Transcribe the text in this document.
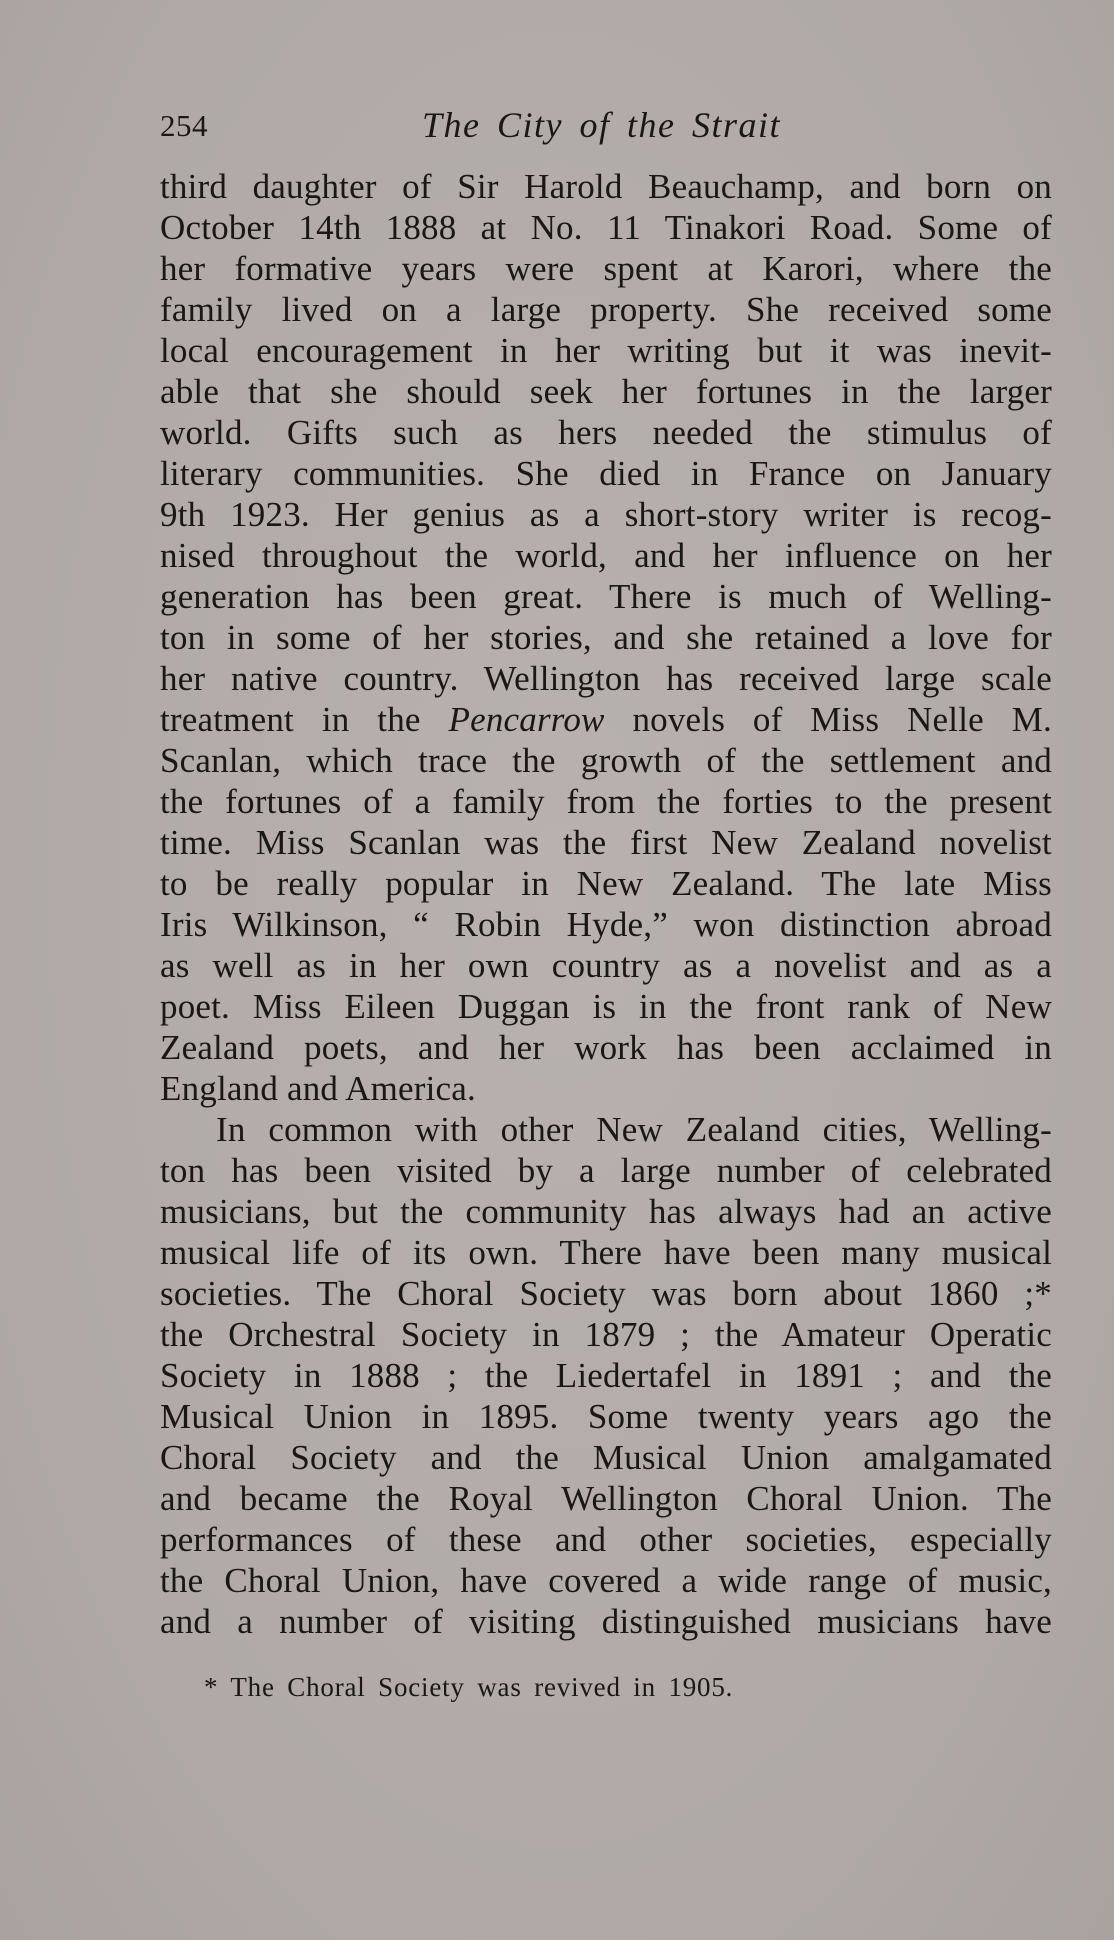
254	The City of the Strait
third daughter of Sir Harold Beauchamp, and born on
October 14th 1888 at No. 11 Tinakori Road. Some of
her formative years were spent at Karori, where the
family lived on a large property. She received some
local encouragement in her writing but it was inevit-
able that she should seek her fortunes in the larger
world. Gifts such as hers needed the stimulus of
literary communities. She died in France on January
9th 1923. Her genius as a short-story writer is recog-
nised throughout the world, and her influence on her
generation has been great. There is much of Welling-
ton in some of her stories, and she retained a love for
her native country. Wellington has received large scale
treatment in the Pencarrow novels of Miss Nelle M.
Scanlan, which trace the growth of the settlement and
the fortunes of a family from the forties to the present
time. Miss Scanlan was the first New Zealand novelist
to be really popular in New Zealand. The late Miss
Iris Wilkinson, “ Robin Hyde,” won distinction abroad
as well as in her own country as a novelist and as a
poet. Miss Eileen Duggan is in the front rank of New
Zealand poets, and her work has been acclaimed in
England and America.
In common with other New Zealand cities, Welling-
ton has been visited by a large number of celebrated
musicians, but the community has always had an active
musical life of its own. There have been many musical
societies. The Choral Society was born about 1860 ;*
the Orchestral Society in 1879 ; the Amateur Operatic
Society in 1888 ; the Liedertafel in 1891 ; and the
Musical Union in 1895. Some twenty years ago the
Choral Society and the Musical Union amalgamated
and became the Royal Wellington Choral Union. The
performances of these and other societies, especially
the Choral Union, have covered a wide range of music,
and a number of visiting distinguished musicians have
* The Choral Society was revived in 1905.
